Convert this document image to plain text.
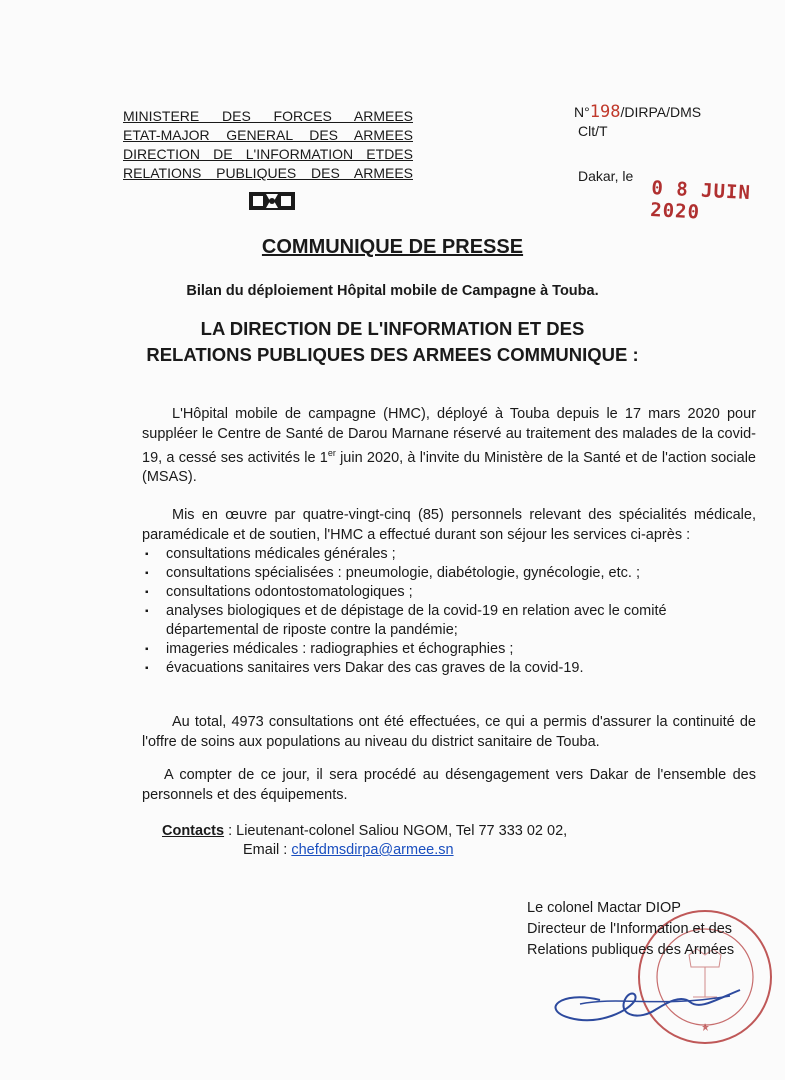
MINISTERE DES FORCES ARMEES
ETAT-MAJOR GENERAL DES ARMEES
DIRECTION DE L'INFORMATION ETDES
RELATIONS PUBLIQUES DES ARMEES
N°198/DIRPA/DMS
Clt/T
Dakar, le
0 8 JUIN 2020
COMMUNIQUE DE PRESSE
Bilan du déploiement Hôpital mobile de Campagne à Touba.
LA DIRECTION DE L'INFORMATION ET DES
RELATIONS PUBLIQUES DES ARMEES COMMUNIQUE :
L'Hôpital mobile de campagne (HMC), déployé à Touba depuis le 17 mars 2020 pour suppléer le Centre de Santé de Darou Marnane réservé au traitement des malades de la covid-19, a cessé ses activités le 1er juin 2020, à l'invite du Ministère de la Santé et de l'action sociale (MSAS).
Mis en œuvre par quatre-vingt-cinq (85) personnels relevant des spécialités médicale, paramédicale et de soutien, l'HMC a effectué durant son séjour les services ci-après :
▪ consultations médicales générales ;
▪ consultations spécialisées : pneumologie, diabétologie, gynécologie, etc. ;
▪ consultations odontostomatologiques ;
▪ analyses biologiques et de dépistage de la covid-19 en relation avec le comité départemental de riposte contre la pandémie;
▪ imageries médicales : radiographies et échographies ;
▪ évacuations sanitaires vers Dakar des cas graves de la covid-19.
Au total, 4973 consultations ont été effectuées, ce qui a permis d'assurer la continuité de l'offre de soins aux populations au niveau du district sanitaire de Touba.
A compter de ce jour, il sera procédé au désengagement vers Dakar de l'ensemble des personnels et des équipements.
Contacts : Lieutenant-colonel Saliou NGOM, Tel 77 333 02 02,
Email : chefdmsdirpa@armee.sn
Le colonel Mactar DIOP
Directeur de l'Information et des
Relations publiques des Armées
